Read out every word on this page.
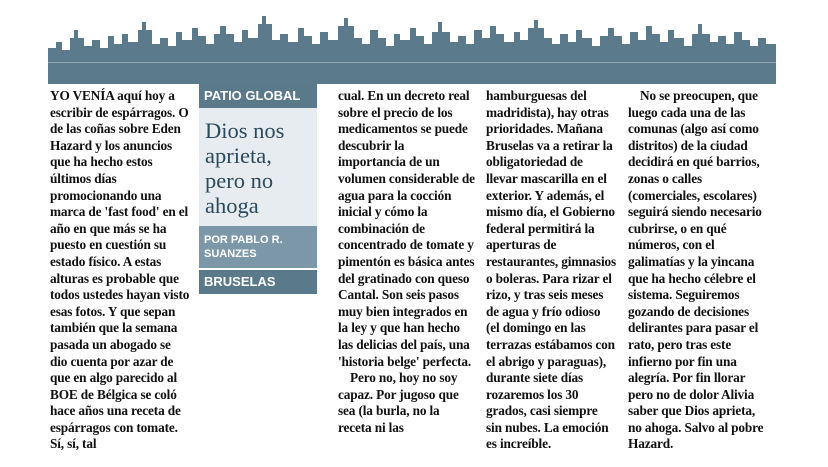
YO VENÍA aquí hoy a escribir de espárragos. O de las coñas sobre Eden Hazard y los anuncios que ha hecho estos últimos días promocionando una marca de 'fast food' en el año en que más se ha puesto en cuestión su estado físico. A estas alturas es probable que todos ustedes hayan visto esas fotos. Y que sepan también que la semana pasada un abogado se dio cuenta por azar de que en algo parecido al BOE de Bélgica se coló hace años una receta de espárragos con tomate. Sí, sí, tal

PATIO GLOBAL
Dios nos aprieta, pero no ahoga
POR PABLO R. SUANZES
BRUSELAS

cual. En un decreto real sobre el precio de los medicamentos se puede descubrir la importancia de un volumen considerable de agua para la cocción inicial y cómo la combinación de concentrado de tomate y pimentón es básica antes del gratinado con queso Cantal. Son seis pasos muy bien integrados en la ley y que han hecho las delicias del país, una 'historia belge' perfecta.

Pero no, hoy no soy capaz. Por jugoso que sea (la burla, no la receta ni las

hamburguesas del madridista), hay otras prioridades. Mañana Bruselas va a retirar la obligatoriedad de llevar mascarilla en el exterior. Y además, el mismo día, el Gobierno federal permitirá la aperturas de restaurantes, gimnasios o boleras. Para rizar el rizo, y tras seis meses de agua y frío odioso (el domingo en las terrazas estábamos con el abrigo y paraguas), durante siete días rozaremos los 30 grados, casi siempre sin nubes. La emoción es increíble.

No se preocupen, que luego cada una de las comunas (algo así como distritos) de la ciudad decidirá en qué barrios, zonas o calles (comerciales, escolares) seguirá siendo necesario cubrirse, o en qué números, con el galimatías y la yincana que ha hecho célebre el sistema. Seguiremos gozando de decisiones delirantes para pasar el rato, pero tras este infierno por fin una alegría. Por fin llorar pero no de dolor Alivia saber que Dios aprieta, no ahoga. Salvo al pobre Hazard.
